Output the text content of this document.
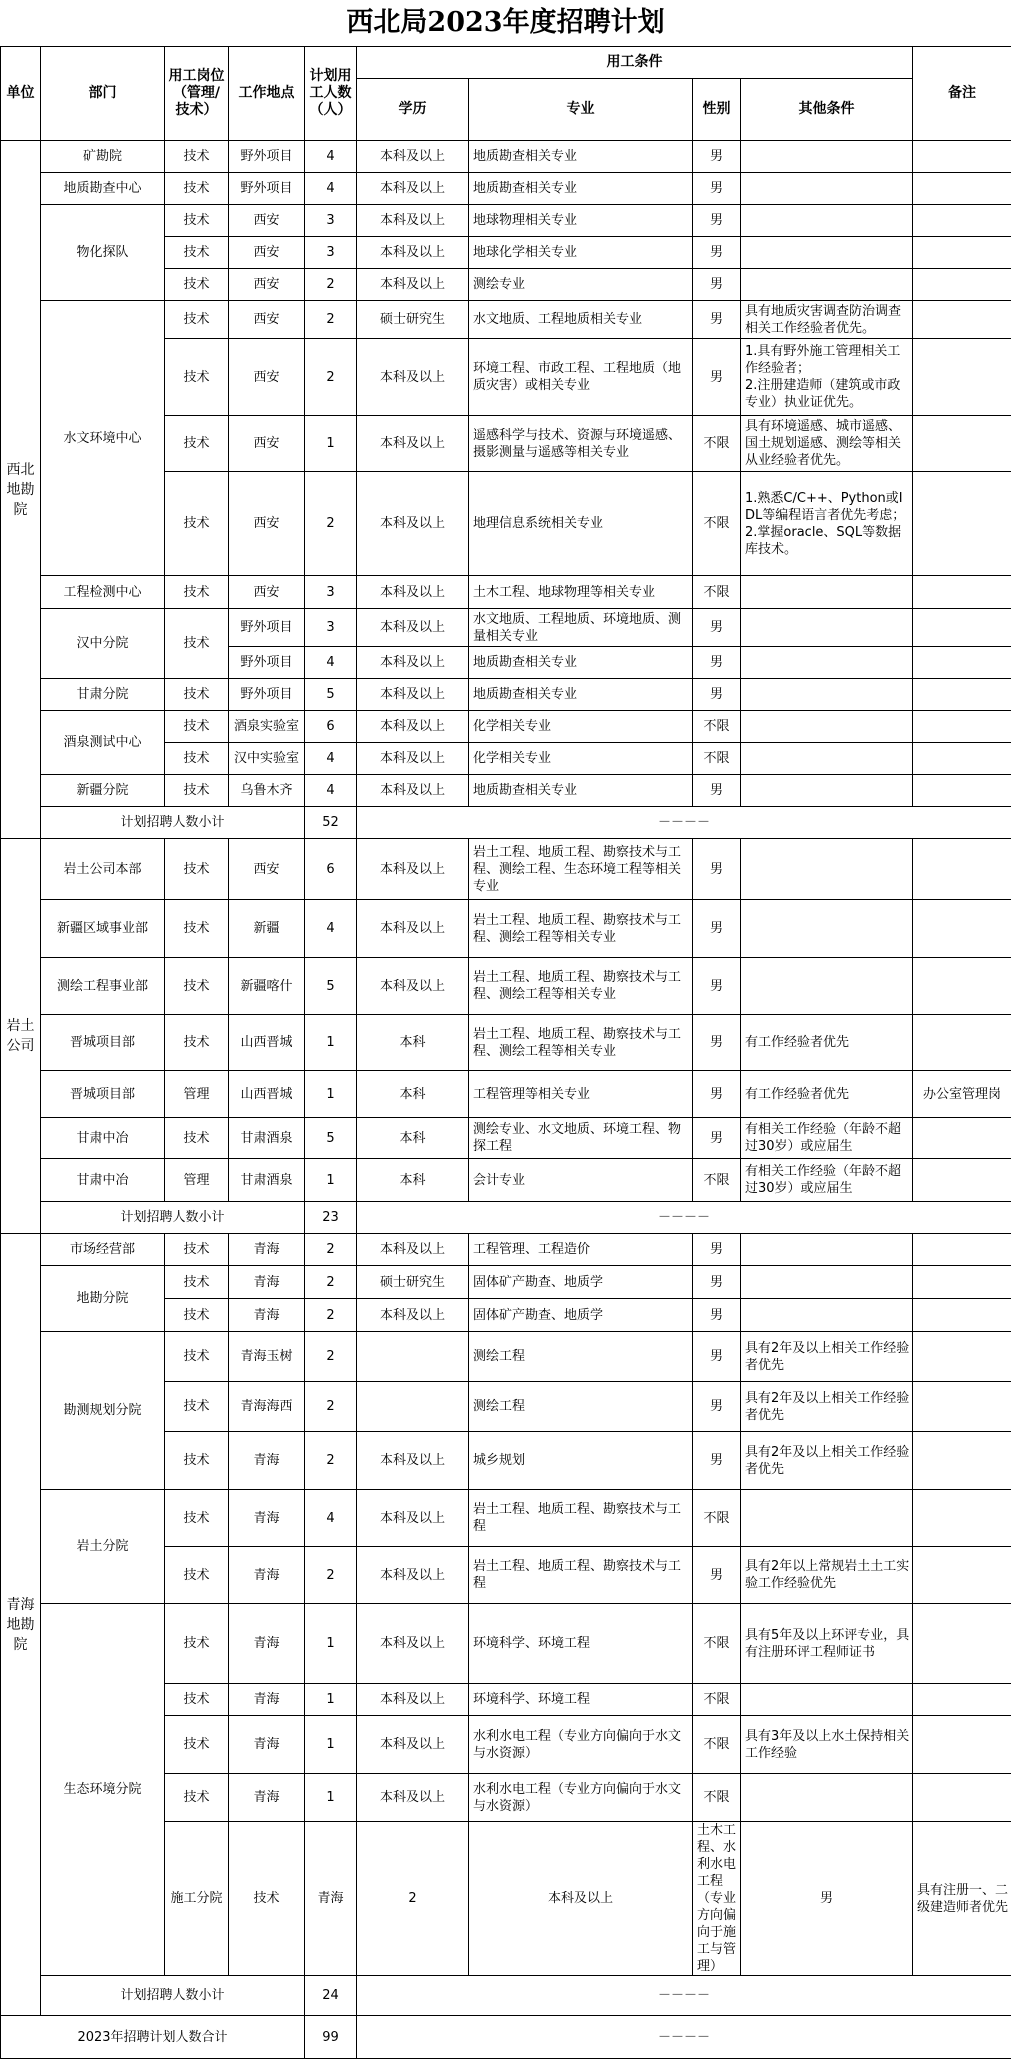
西北局2023年度招聘计划
单位	部门	用工岗位（管理/技术）	工作地点	计划用工人数（人）	用工条件				备注	
					学历	专业	性别	其他条件		
西北地勘院	矿勘院	技术	野外项目	4	本科及以上	地质勘查相关专业	男			
	地质勘查中心	技术	野外项目	4	本科及以上	地质勘查相关专业	男			
	物化探队	技术	西安	3	本科及以上	地球物理相关专业	男			
		技术	西安	3	本科及以上	地球化学相关专业	男			
		技术	西安	2	本科及以上	测绘专业	男			
	水文环境中心	技术	西安	2	硕士研究生	水文地质、工程地质相关专业	男	具有地质灾害调查防治调查相关工作经验者优先。		
		技术	西安	2	本科及以上	环境工程、市政工程、工程地质（地质灾害）或相关专业	男	1.具有野外施工管理相关工作经验者；
2.注册建造师（建筑或市政专业）执业证优先。		
		技术	西安	1	本科及以上	遥感科学与技术、资源与环境遥感、摄影测量与遥感等相关专业	不限	具有环境遥感、城市遥感、国土规划遥感、测绘等相关从业经验者优先。		
		技术	西安	2	本科及以上	地理信息系统相关专业	不限	1.熟悉C/C++、Python或IDL等编程语言者优先考虑；
2.掌握oracle、SQL等数据库技术。		
	工程检测中心	技术	西安	3	本科及以上	土木工程、地球物理等相关专业	不限			
	汉中分院	技术	野外项目	3	本科及以上	水文地质、工程地质、环境地质、测量相关专业	男			
			野外项目	4	本科及以上	地质勘查相关专业	男			
	甘肃分院	技术	野外项目	5	本科及以上	地质勘查相关专业	男			
	酒泉测试中心	技术	酒泉实验室	6	本科及以上	化学相关专业	不限			
		技术	汉中实验室	4	本科及以上	化学相关专业	不限			
	新疆分院	技术	乌鲁木齐	4	本科及以上	地质勘查相关专业	男			
	计划招聘人数小计			52	－－－－					
岩土公司	岩土公司本部	技术	西安	6	本科及以上	岩土工程、地质工程、勘察技术与工程、测绘工程、生态环境工程等相关专业	男			
	新疆区域事业部	技术	新疆	4	本科及以上	岩土工程、地质工程、勘察技术与工程、测绘工程等相关专业	男			
	测绘工程事业部	技术	新疆喀什	5	本科及以上	岩土工程、地质工程、勘察技术与工程、测绘工程等相关专业	男			
	晋城项目部	技术	山西晋城	1	本科	岩土工程、地质工程、勘察技术与工程、测绘工程等相关专业	男	有工作经验者优先		
	晋城项目部	管理	山西晋城	1	本科	工程管理等相关专业	男	有工作经验者优先	办公室管理岗	
	甘肃中冶	技术	甘肃酒泉	5	本科	测绘专业、水文地质、环境工程、物探工程	男	有相关工作经验（年龄不超过30岁）或应届生		
	甘肃中冶	管理	甘肃酒泉	1	本科	会计专业	不限	有相关工作经验（年龄不超过30岁）或应届生		
	计划招聘人数小计			23	－－－－					
青海地勘院	市场经营部	技术	青海	2	本科及以上	工程管理、工程造价	男			
	地勘分院	技术	青海	2	硕士研究生	固体矿产勘查、地质学	男			
		技术	青海	2	本科及以上	固体矿产勘查、地质学	男			
	勘测规划分院	技术	青海玉树	2		测绘工程	男	具有2年及以上相关工作经验者优先		
		技术	青海海西	2		测绘工程	男	具有2年及以上相关工作经验者优先		
		技术	青海	2	本科及以上	城乡规划	男	具有2年及以上相关工作经验者优先		
	岩土分院	技术	青海	4	本科及以上	岩土工程、地质工程、勘察技术与工程	不限			
		技术	青海	2	本科及以上	岩土工程、地质工程、勘察技术与工程	男	具有2年以上常规岩土土工实验工作经验优先		
	生态环境分院	技术	青海	1	本科及以上	环境科学、环境工程	不限	具有5年及以上环评专业，具有注册环评工程师证书		
		技术	青海	1	本科及以上	环境科学、环境工程	不限			
		技术	青海	1	本科及以上	水利水电工程（专业方向偏向于水文与水资源）	不限	具有3年及以上水土保持相关工作经验		
		技术	青海	1	本科及以上	水利水电工程（专业方向偏向于水文与水资源）	不限			
		施工分院	技术	青海	2	本科及以上	土木工程、水利水电工程（专业方向偏向于施工与管理）	男	具有注册一、二级建造师者优先	
	计划招聘人数小计			24	－－－－					
2023年招聘计划人数合计				99	－－－－					
